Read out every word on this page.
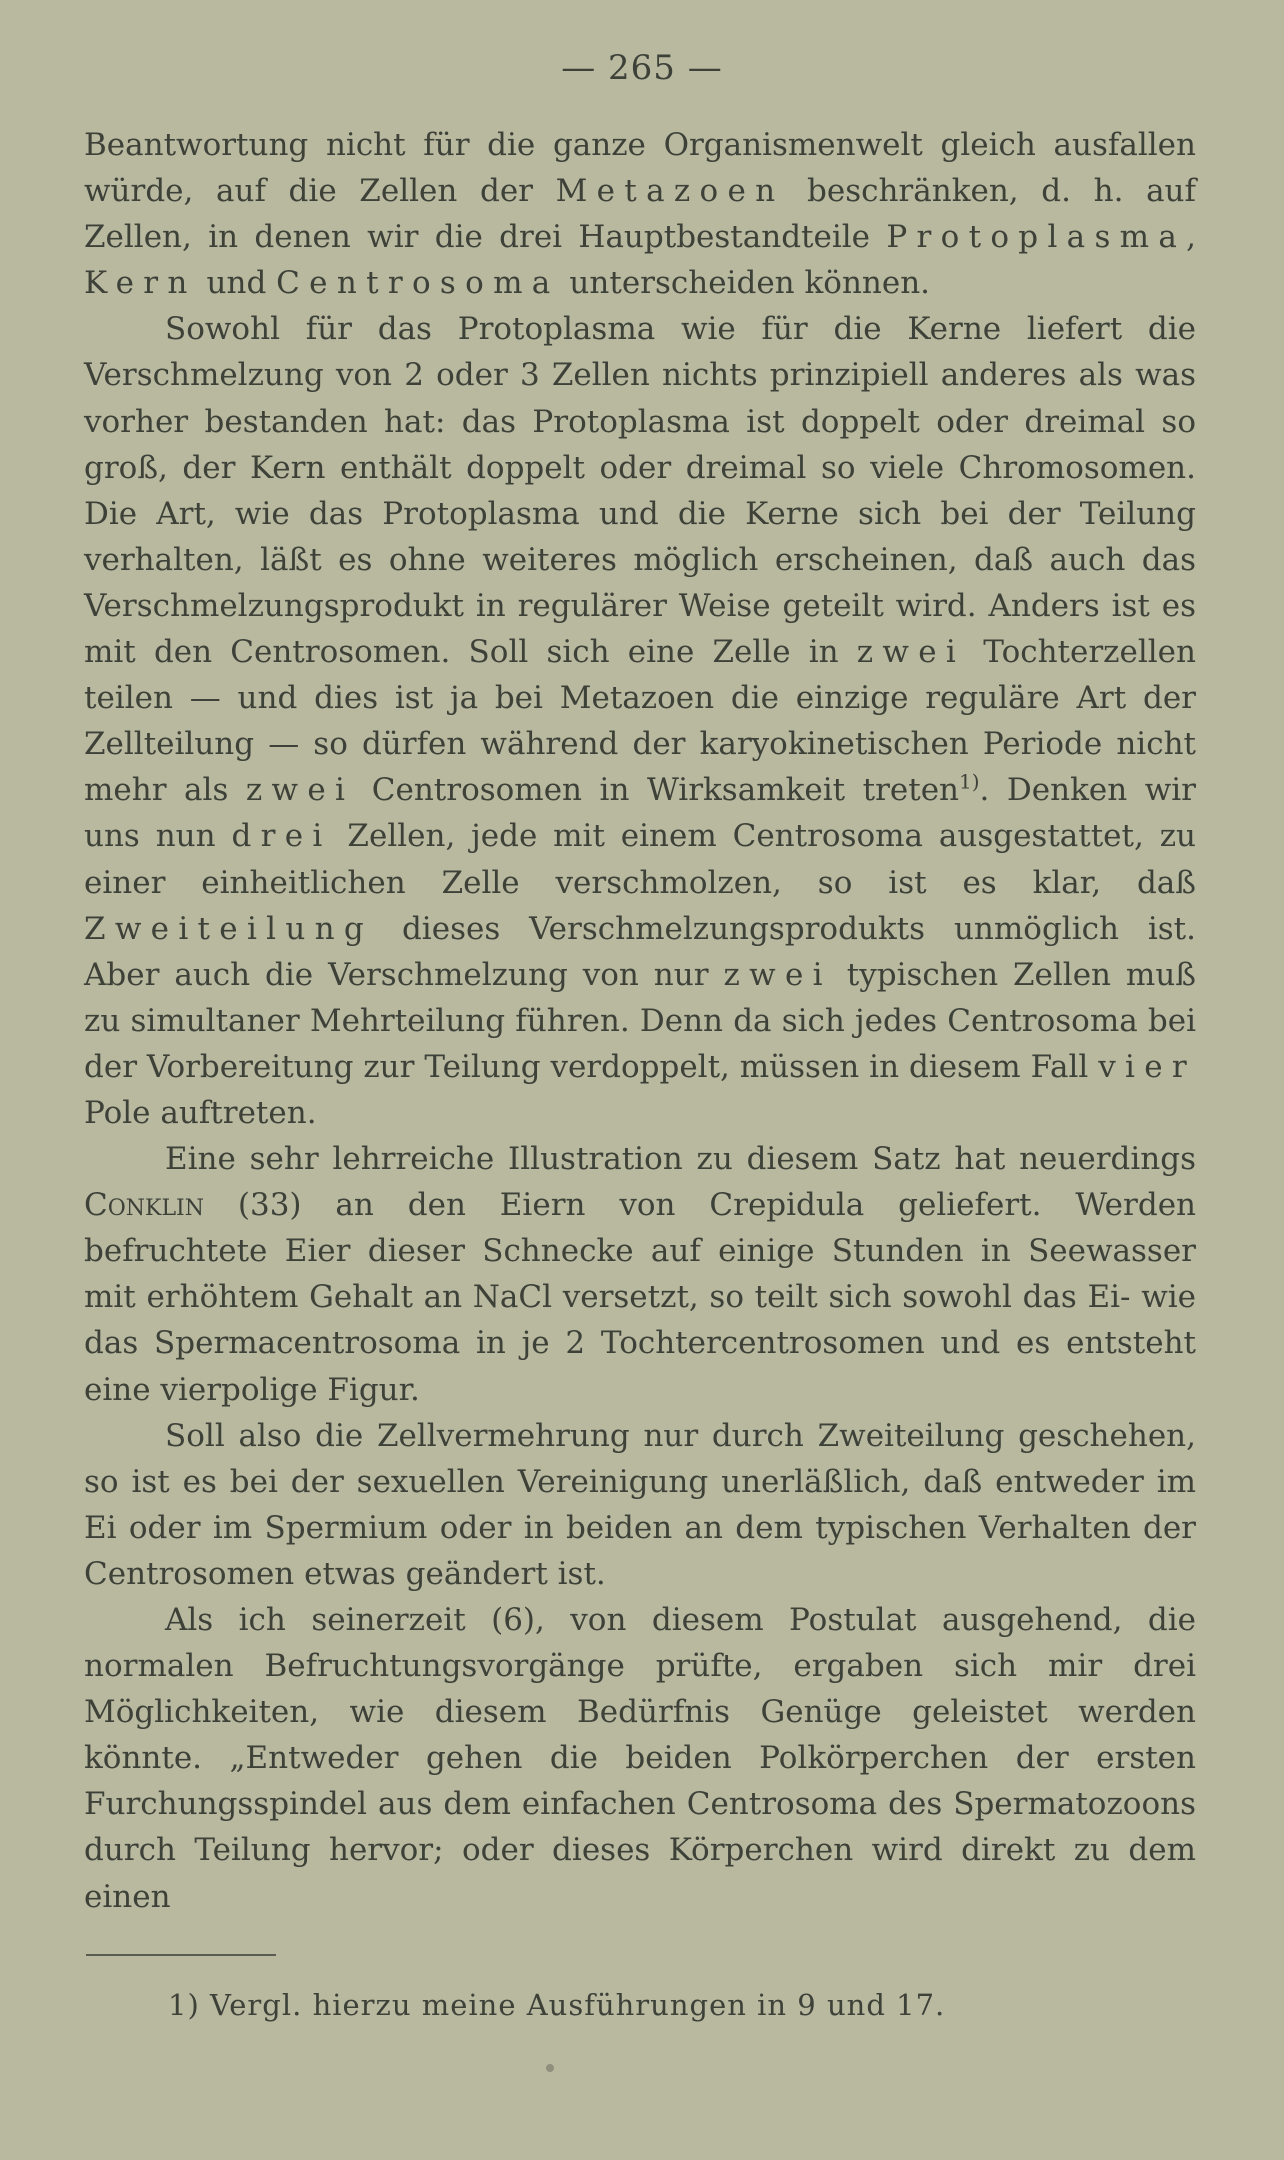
— 265 —

Beantwortung nicht für die ganze Organismenwelt gleich ausfallen würde, auf die Zellen der Metazoen beschränken, d. h. auf Zellen, in denen wir die drei Hauptbestandteile Protoplasma, Kern und Centrosoma unterscheiden können.

Sowohl für das Protoplasma wie für die Kerne liefert die Verschmelzung von 2 oder 3 Zellen nichts prinzipiell anderes als was vorher bestanden hat: das Protoplasma ist doppelt oder dreimal so groß, der Kern enthält doppelt oder dreimal so viele Chromosomen. Die Art, wie das Protoplasma und die Kerne sich bei der Teilung verhalten, läßt es ohne weiteres möglich erscheinen, daß auch das Verschmelzungsprodukt in regulärer Weise geteilt wird. Anders ist es mit den Centrosomen. Soll sich eine Zelle in zwei Tochterzellen teilen — und dies ist ja bei Metazoen die einzige reguläre Art der Zellteilung — so dürfen während der karyokinetischen Periode nicht mehr als zwei Centrosomen in Wirksamkeit treten$^{1)}$. Denken wir uns nun drei Zellen, jede mit einem Centrosoma ausgestattet, zu einer einheitlichen Zelle verschmolzen, so ist es klar, daß Zweiteilung dieses Verschmelzungsprodukts unmöglich ist. Aber auch die Verschmelzung von nur zwei typischen Zellen muß zu simultaner Mehrteilung führen. Denn da sich jedes Centrosoma bei der Vorbereitung zur Teilung verdoppelt, müssen in diesem Fall vier Pole auftreten.

Eine sehr lehrreiche Illustration zu diesem Satz hat neuerdings Conklin (33) an den Eiern von Crepidula geliefert. Werden befruchtete Eier dieser Schnecke auf einige Stunden in Seewasser mit erhöhtem Gehalt an NaCl versetzt, so teilt sich sowohl das Ei- wie das Spermacentrosoma in je 2 Tochtercentrosomen und es entsteht eine vierpolige Figur.

Soll also die Zellvermehrung nur durch Zweiteilung geschehen, so ist es bei der sexuellen Vereinigung unerläßlich, daß entweder im Ei oder im Spermium oder in beiden an dem typischen Verhalten der Centrosomen etwas geändert ist.

Als ich seinerzeit (6), von diesem Postulat ausgehend, die normalen Befruchtungsvorgänge prüfte, ergaben sich mir drei Möglichkeiten, wie diesem Bedürfnis Genüge geleistet werden könnte. „Entweder gehen die beiden Polkörperchen der ersten Furchungsspindel aus dem einfachen Centrosoma des Spermatozoons durch Teilung hervor; oder dieses Körperchen wird direkt zu dem einen

1) Vergl. hierzu meine Ausführungen in 9 und 17.
